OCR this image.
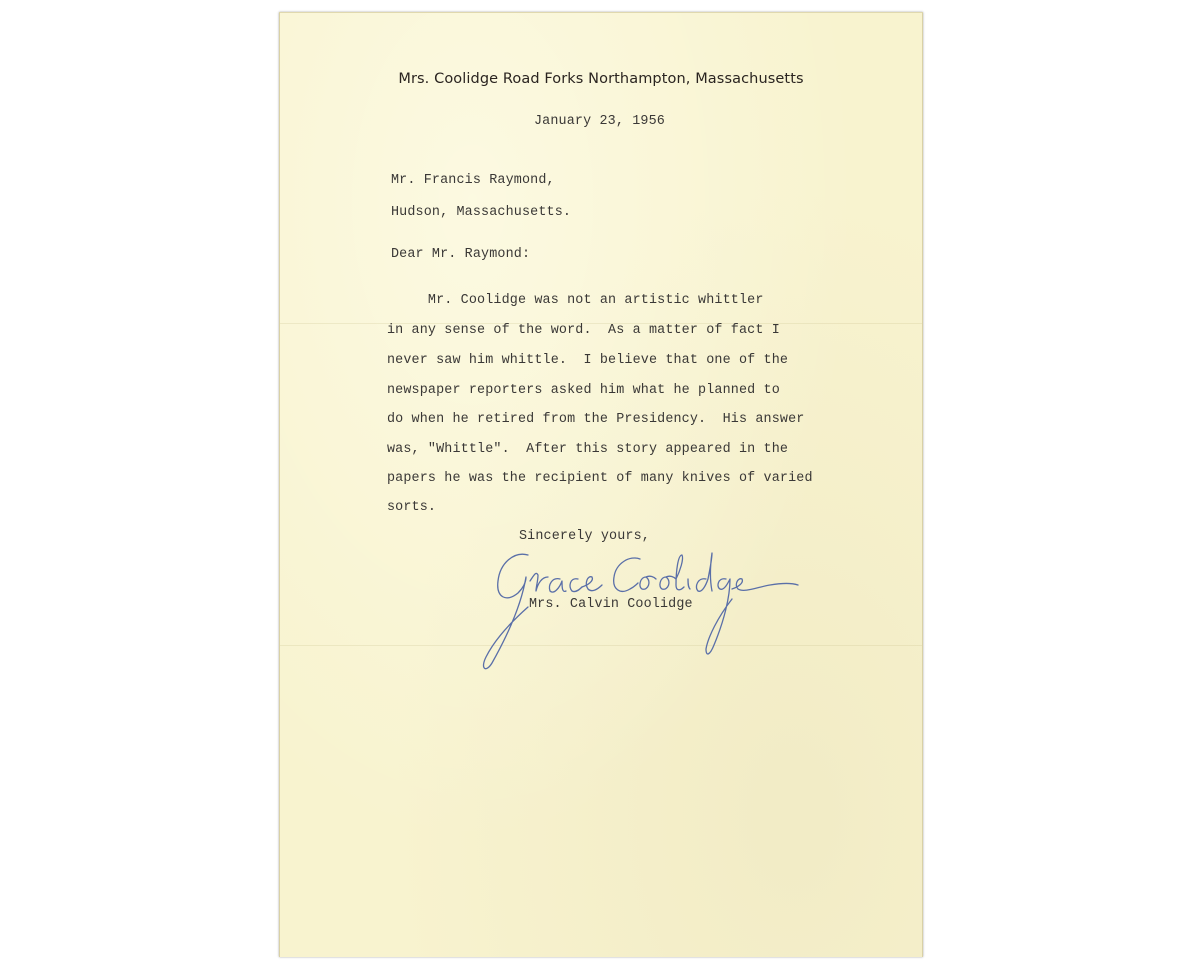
Mrs. Coolidge Road Forks Northampton, Massachusetts
January 23, 1956
Mr. Francis Raymond,
Hudson, Massachusetts.
Dear Mr. Raymond:
Mr. Coolidge was not an artistic whittler
in any sense of the word.  As a matter of fact I
never saw him whittle.  I believe that one of the
newspaper reporters asked him what he planned to
do when he retired from the Presidency.  His answer
was, "Whittle".  After this story appeared in the
papers he was the recipient of many knives of varied
sorts.
Sincerely yours,
Mrs. Calvin Coolidge
